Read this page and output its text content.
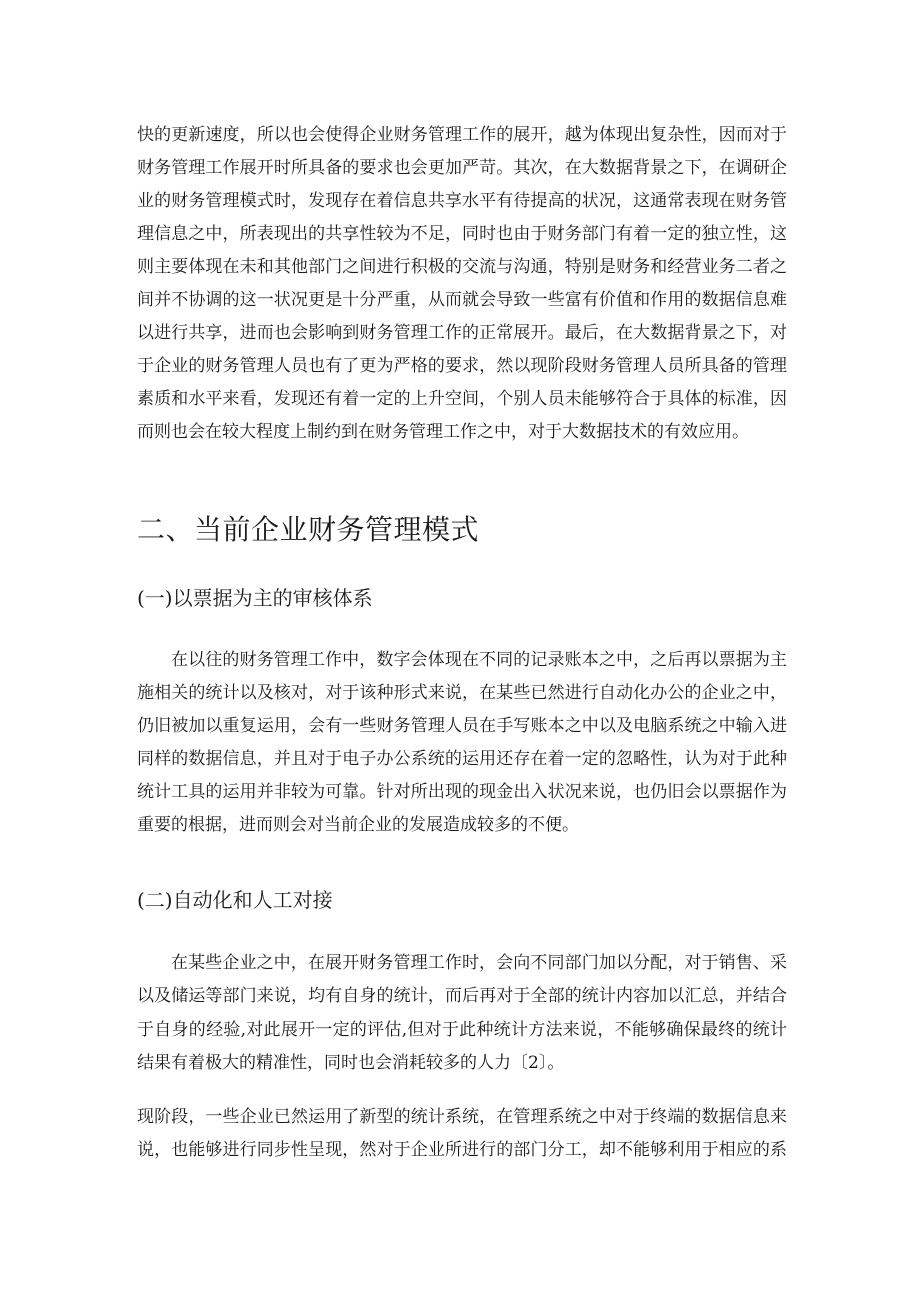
快的更新速度，所以也会使得企业财务管理工作的展开，越为体现出复杂性，因而对于
财务管理工作展开时所具备的要求也会更加严苛。其次，在大数据背景之下，在调研企
业的财务管理模式时，发现存在着信息共享水平有待提高的状况，这通常表现在财务管
理信息之中，所表现出的共享性较为不足，同时也由于财务部门有着一定的独立性，这
则主要体现在未和其他部门之间进行积极的交流与沟通，特别是财务和经营业务二者之
间并不协调的这一状况更是十分严重，从而就会导致一些富有价值和作用的数据信息难
以进行共享，进而也会影响到财务管理工作的正常展开。最后，在大数据背景之下，对
于企业的财务管理人员也有了更为严格的要求，然以现阶段财务管理人员所具备的管理
素质和水平来看，发现还有着一定的上升空间，个别人员未能够符合于具体的标准，因
而则也会在较大程度上制约到在财务管理工作之中，对于大数据技术的有效应用。
二、当前企业财务管理模式
(一)以票据为主的审核体系
在以往的财务管理工作中，数字会体现在不同的记录账本之中，之后再以票据为主
施相关的统计以及核对，对于该种形式来说，在某些已然进行自动化办公的企业之中，
仍旧被加以重复运用，会有一些财务管理人员在手写账本之中以及电脑系统之中输入进
同样的数据信息，并且对于电子办公系统的运用还存在着一定的忽略性，认为对于此种
统计工具的运用并非较为可靠。针对所出现的现金出入状况来说，也仍旧会以票据作为
重要的根据，进而则会对当前企业的发展造成较多的不便。
(二)自动化和人工对接
在某些企业之中，在展开财务管理工作时，会向不同部门加以分配，对于销售、采
以及储运等部门来说，均有自身的统计，而后再对于全部的统计内容加以汇总，并结合
于自身的经验,对此展开一定的评估,但对于此种统计方法来说，不能够确保最终的统计
结果有着极大的精准性，同时也会消耗较多的人力〔2〕。
现阶段，一些企业已然运用了新型的统计系统，在管理系统之中对于终端的数据信息来
说，也能够进行同步性呈现，然对于企业所进行的部门分工，却不能够利用于相应的系
